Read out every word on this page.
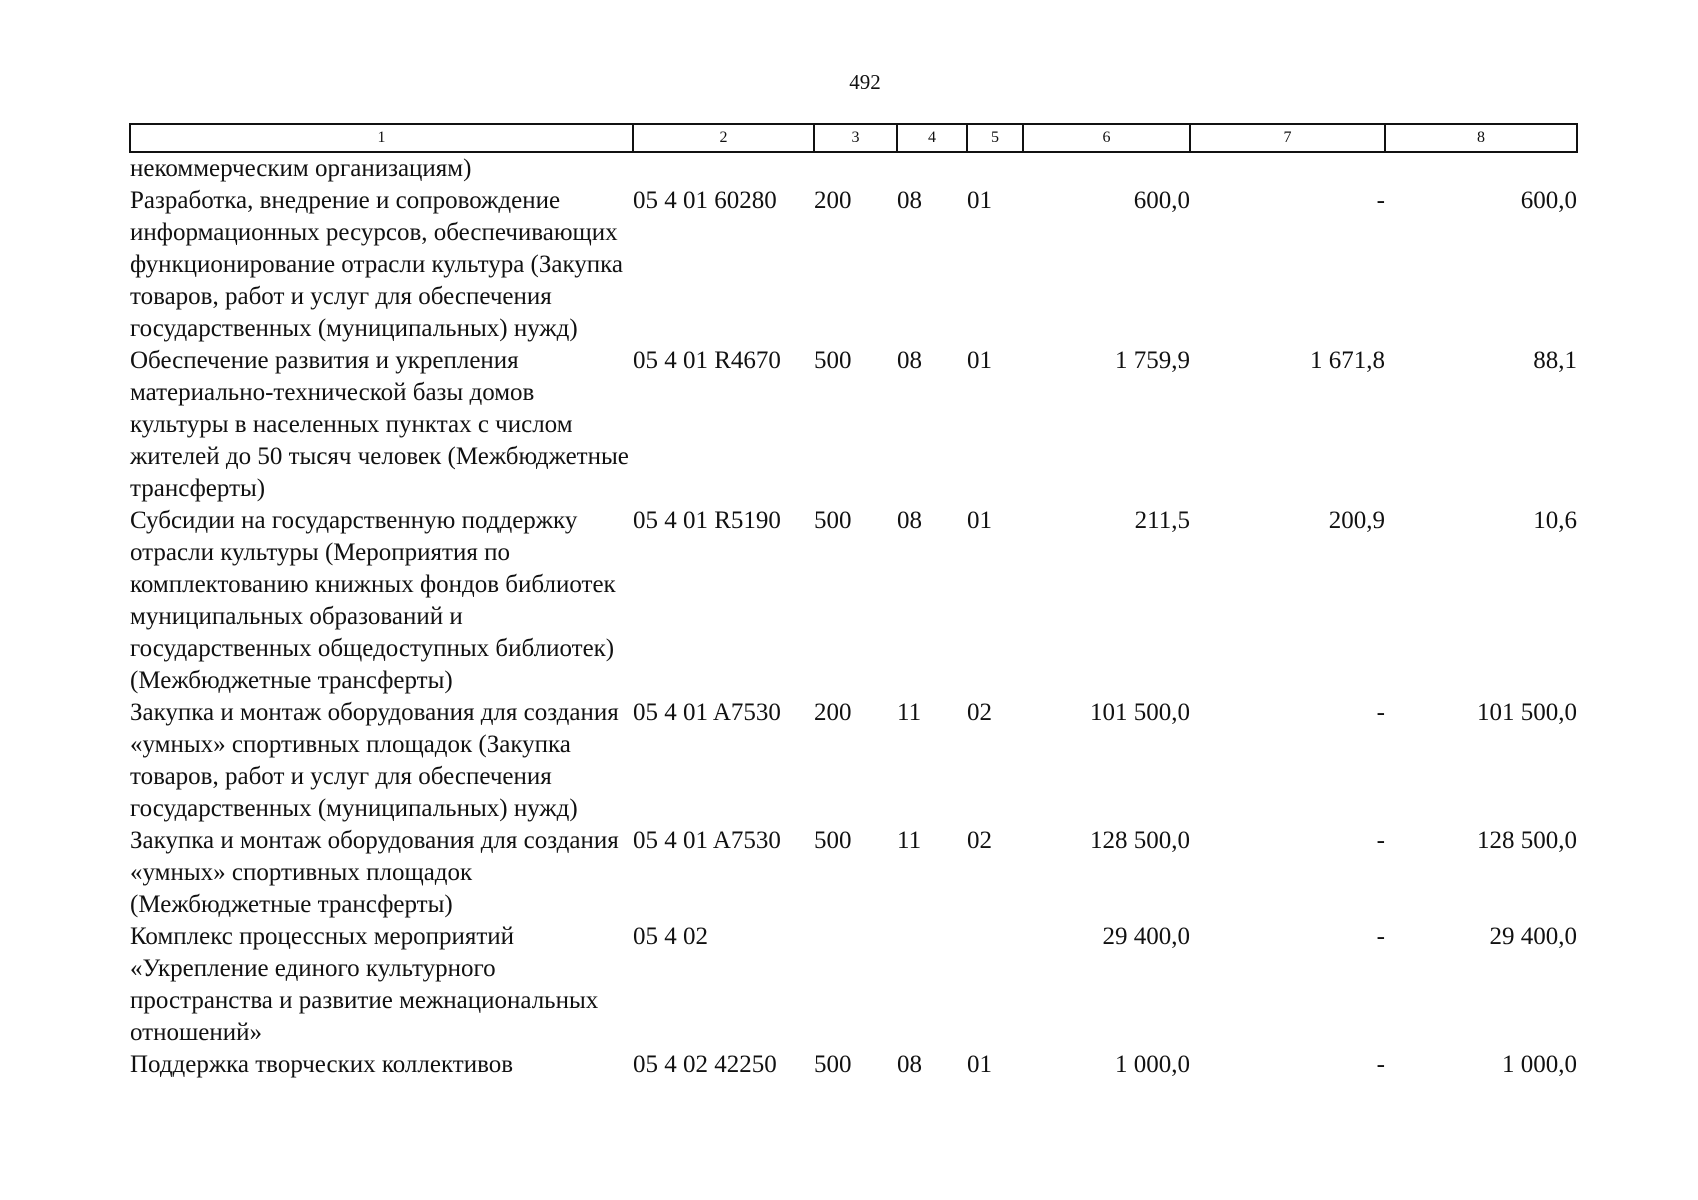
492
1	2	3	4	5	6	7	8
некоммерческим организациям)							
Разработка, внедрение и сопровождение информационных ресурсов, обеспечивающих функционирование отрасли культура (Закупка товаров, работ и услуг для обеспечения государственных (муниципальных) нужд)	05 4 01 60280	200	08	01	600,0	-	600,0
Обеспечение развития и укрепления материально-технической базы домов культуры в населенных пунктах с числом жителей до 50 тысяч человек (Межбюджетные трансферты)	05 4 01 R4670	500	08	01	1 759,9	1 671,8	88,1
Субсидии на государственную поддержку отрасли культуры (Мероприятия по комплектованию книжных фондов библиотек муниципальных образований и государственных общедоступных библиотек) (Межбюджетные трансферты)	05 4 01 R5190	500	08	01	211,5	200,9	10,6
Закупка и монтаж оборудования для создания «умных» спортивных площадок (Закупка товаров, работ и услуг для обеспечения государственных (муниципальных) нужд)	05 4 01 A7530	200	11	02	101 500,0	-	101 500,0
Закупка и монтаж оборудования для создания «умных» спортивных площадок (Межбюджетные трансферты)	05 4 01 A7530	500	11	02	128 500,0	-	128 500,0
Комплекс процессных мероприятий «Укрепление единого культурного пространства и развитие межнациональных отношений»	05 4 02				29 400,0	-	29 400,0
Поддержка творческих коллективов	05 4 02 42250	500	08	01	1 000,0	-	1 000,0
